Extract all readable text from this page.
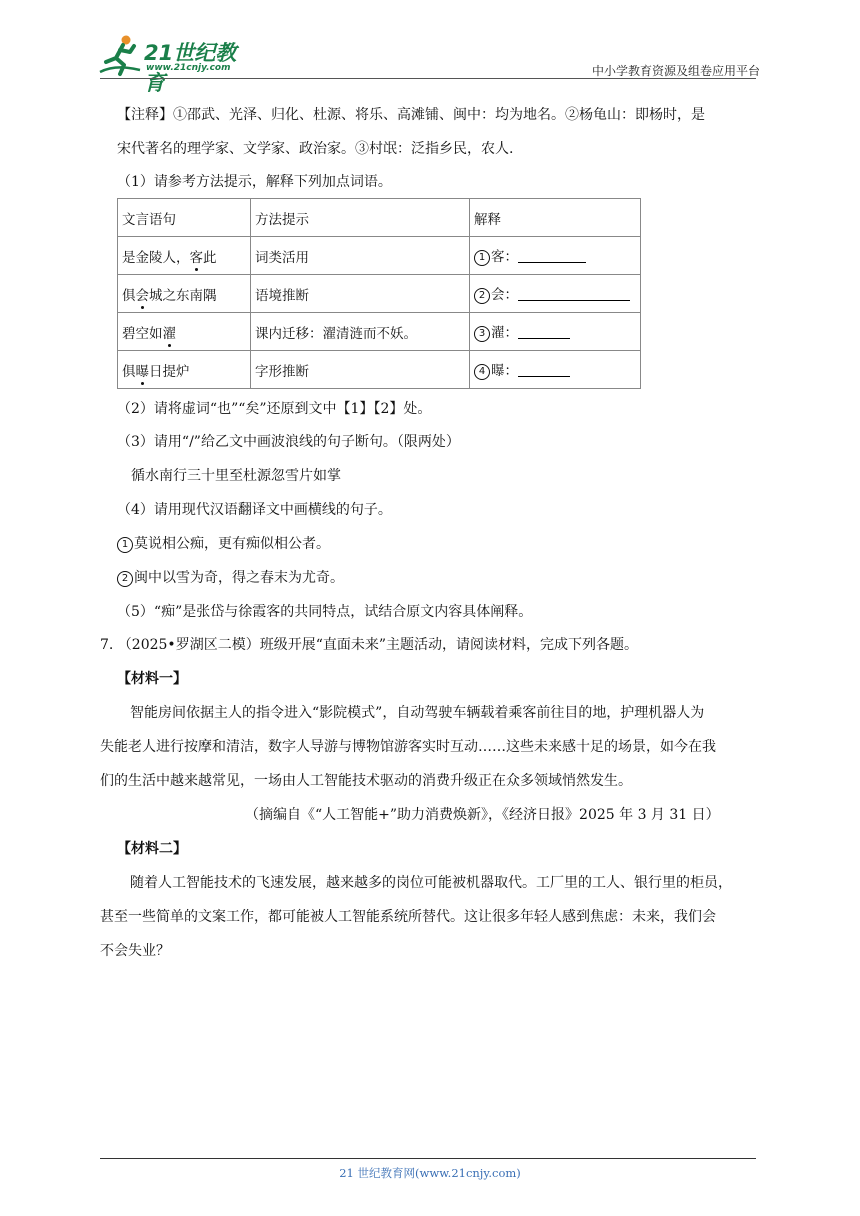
21世纪教育
www.21cnjy.com	中小学教育资源及组卷应用平台
【注释】①邵武、光泽、归化、杜源、将乐、高滩铺、闽中：均为地名。②杨龟山：即杨时，是
宋代著名的理学家、文学家、政治家。③村氓：泛指乡民，农人.
（1）请参考方法提示，解释下列加点词语。
文言语句	方法提示	解释
是金陵人，客此	词类活用	1 客：
俱会城之东南隅	语境推断	2 会：
碧空如濯	课内迁移：濯清涟而不妖。	3 濯：
俱曝日提炉	字形推断	4 曝：
（2）请将虚词“也”“矣”还原到文中【1】【2】处。
（3）请用“/”给乙文中画波浪线的句子断句。（限两处）
循水南行三十里至杜源忽雪片如掌
（4）请用现代汉语翻译文中画横线的句子。
1 莫说相公痴，更有痴似相公者。
2 闽中以雪为奇，得之春末为尤奇。
（5）“痴”是张岱与徐霞客的共同特点，试结合原文内容具体阐释。
7. （2025•罗湖区二模）班级开展“直面未来”主题活动，请阅读材料，完成下列各题。
【材料一】
智能房间依据主人的指令进入“影院模式”，自动驾驶车辆载着乘客前往目的地，护理机器人为
失能老人进行按摩和清洁，数字人导游与博物馆游客实时互动……这些未来感十足的场景，如今在我
们的生活中越来越常见，一场由人工智能技术驱动的消费升级正在众多领域悄然发生。
（摘编自《“人工智能+”助力消费焕新》，《经济日报》2025 年 3 月 31 日）
【材料二】
随着人工智能技术的飞速发展，越来越多的岗位可能被机器取代。工厂里的工人、银行里的柜员，
甚至一些简单的文案工作，都可能被人工智能系统所替代。这让很多年轻人感到焦虑：未来，我们会
不会失业？
21 世纪教育网(www.21cnjy.com)
